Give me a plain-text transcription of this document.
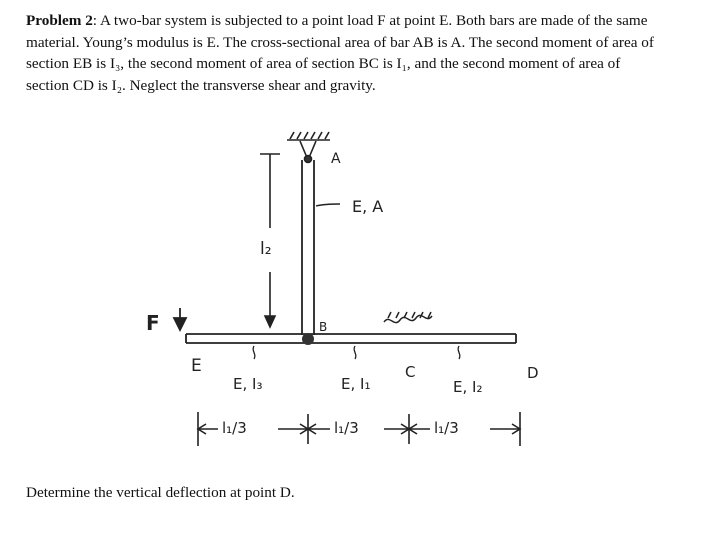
Problem 2: A two-bar system is subjected to a point load F at point E. Both bars are made of the same material. Young’s modulus is E. The cross-sectional area of bar AB is A. The second moment of area of section EB is I₃, the second moment of area of section BC is I₁, and the second moment of area of section CD is I₂. Neglect the transverse shear and gravity.
A
E, A
l₂
F	B
E	C	D
E, I₃	E, I₁	E, I₂
l₁/3	l₁/3	l₁/3
Determine the vertical deflection at point D.
